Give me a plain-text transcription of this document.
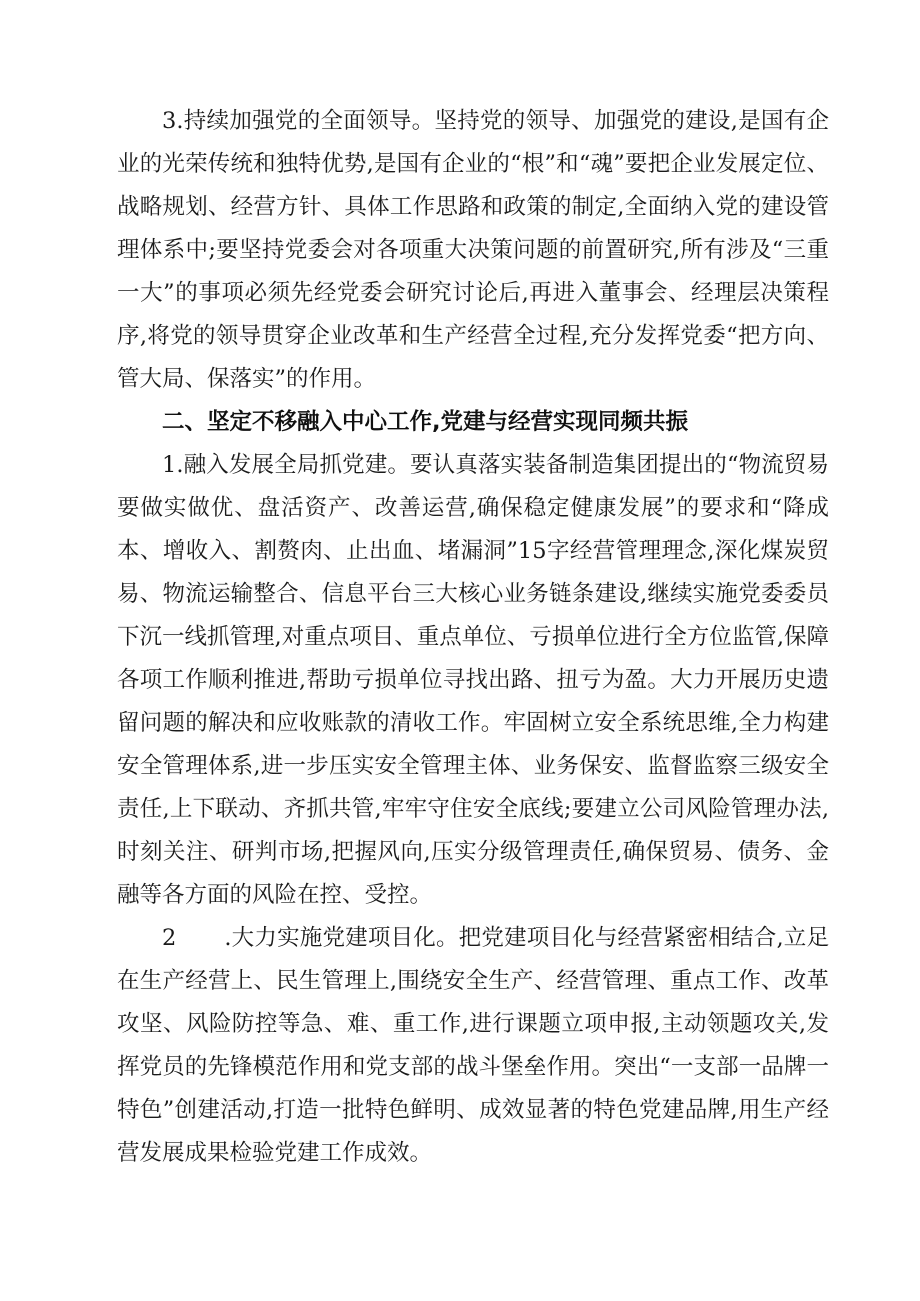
3.持续加强党的全面领导。坚持党的领导、加强党的建设,是国有企业的光荣传统和独特优势,是国有企业的“根”和“魂”要把企业发展定位、战略规划、经营方针、具体工作思路和政策的制定,全面纳入党的建设管理体系中;要坚持党委会对各项重大决策问题的前置研究,所有涉及“三重一大”的事项必须先经党委会研究讨论后,再进入董事会、经理层决策程序,将党的领导贯穿企业改革和生产经营全过程,充分发挥党委“把方向、管大局、保落实”的作用。

二、坚定不移融入中心工作,党建与经营实现同频共振

1.融入发展全局抓党建。要认真落实装备制造集团提出的“物流贸易要做实做优、盘活资产、改善运营,确保稳定健康发展”的要求和“降成本、增收入、割赘肉、止出血、堵漏洞”15字经营管理理念,深化煤炭贸易、物流运输整合、信息平台三大核心业务链条建设,继续实施党委委员下沉一线抓管理,对重点项目、重点单位、亏损单位进行全方位监管,保障各项工作顺利推进,帮助亏损单位寻找出路、扭亏为盈。大力开展历史遗留问题的解决和应收账款的清收工作。牢固树立安全系统思维,全力构建安全管理体系,进一步压实安全管理主体、业务保安、监督监察三级安全责任,上下联动、齐抓共管,牢牢守住安全底线;要建立公司风险管理办法,时刻关注、研判市场,把握风向,压实分级管理责任,确保贸易、债务、金融等各方面的风险在控、受控。

2 .大力实施党建项目化。把党建项目化与经营紧密相结合,立足在生产经营上、民生管理上,围绕安全生产、经营管理、重点工作、改革攻坚、风险防控等急、难、重工作,进行课题立项申报,主动领题攻关,发挥党员的先锋模范作用和党支部的战斗堡垒作用。突出“一支部一品牌一特色”创建活动,打造一批特色鲜明、成效显著的特色党建品牌,用生产经营发展成果检验党建工作成效。
